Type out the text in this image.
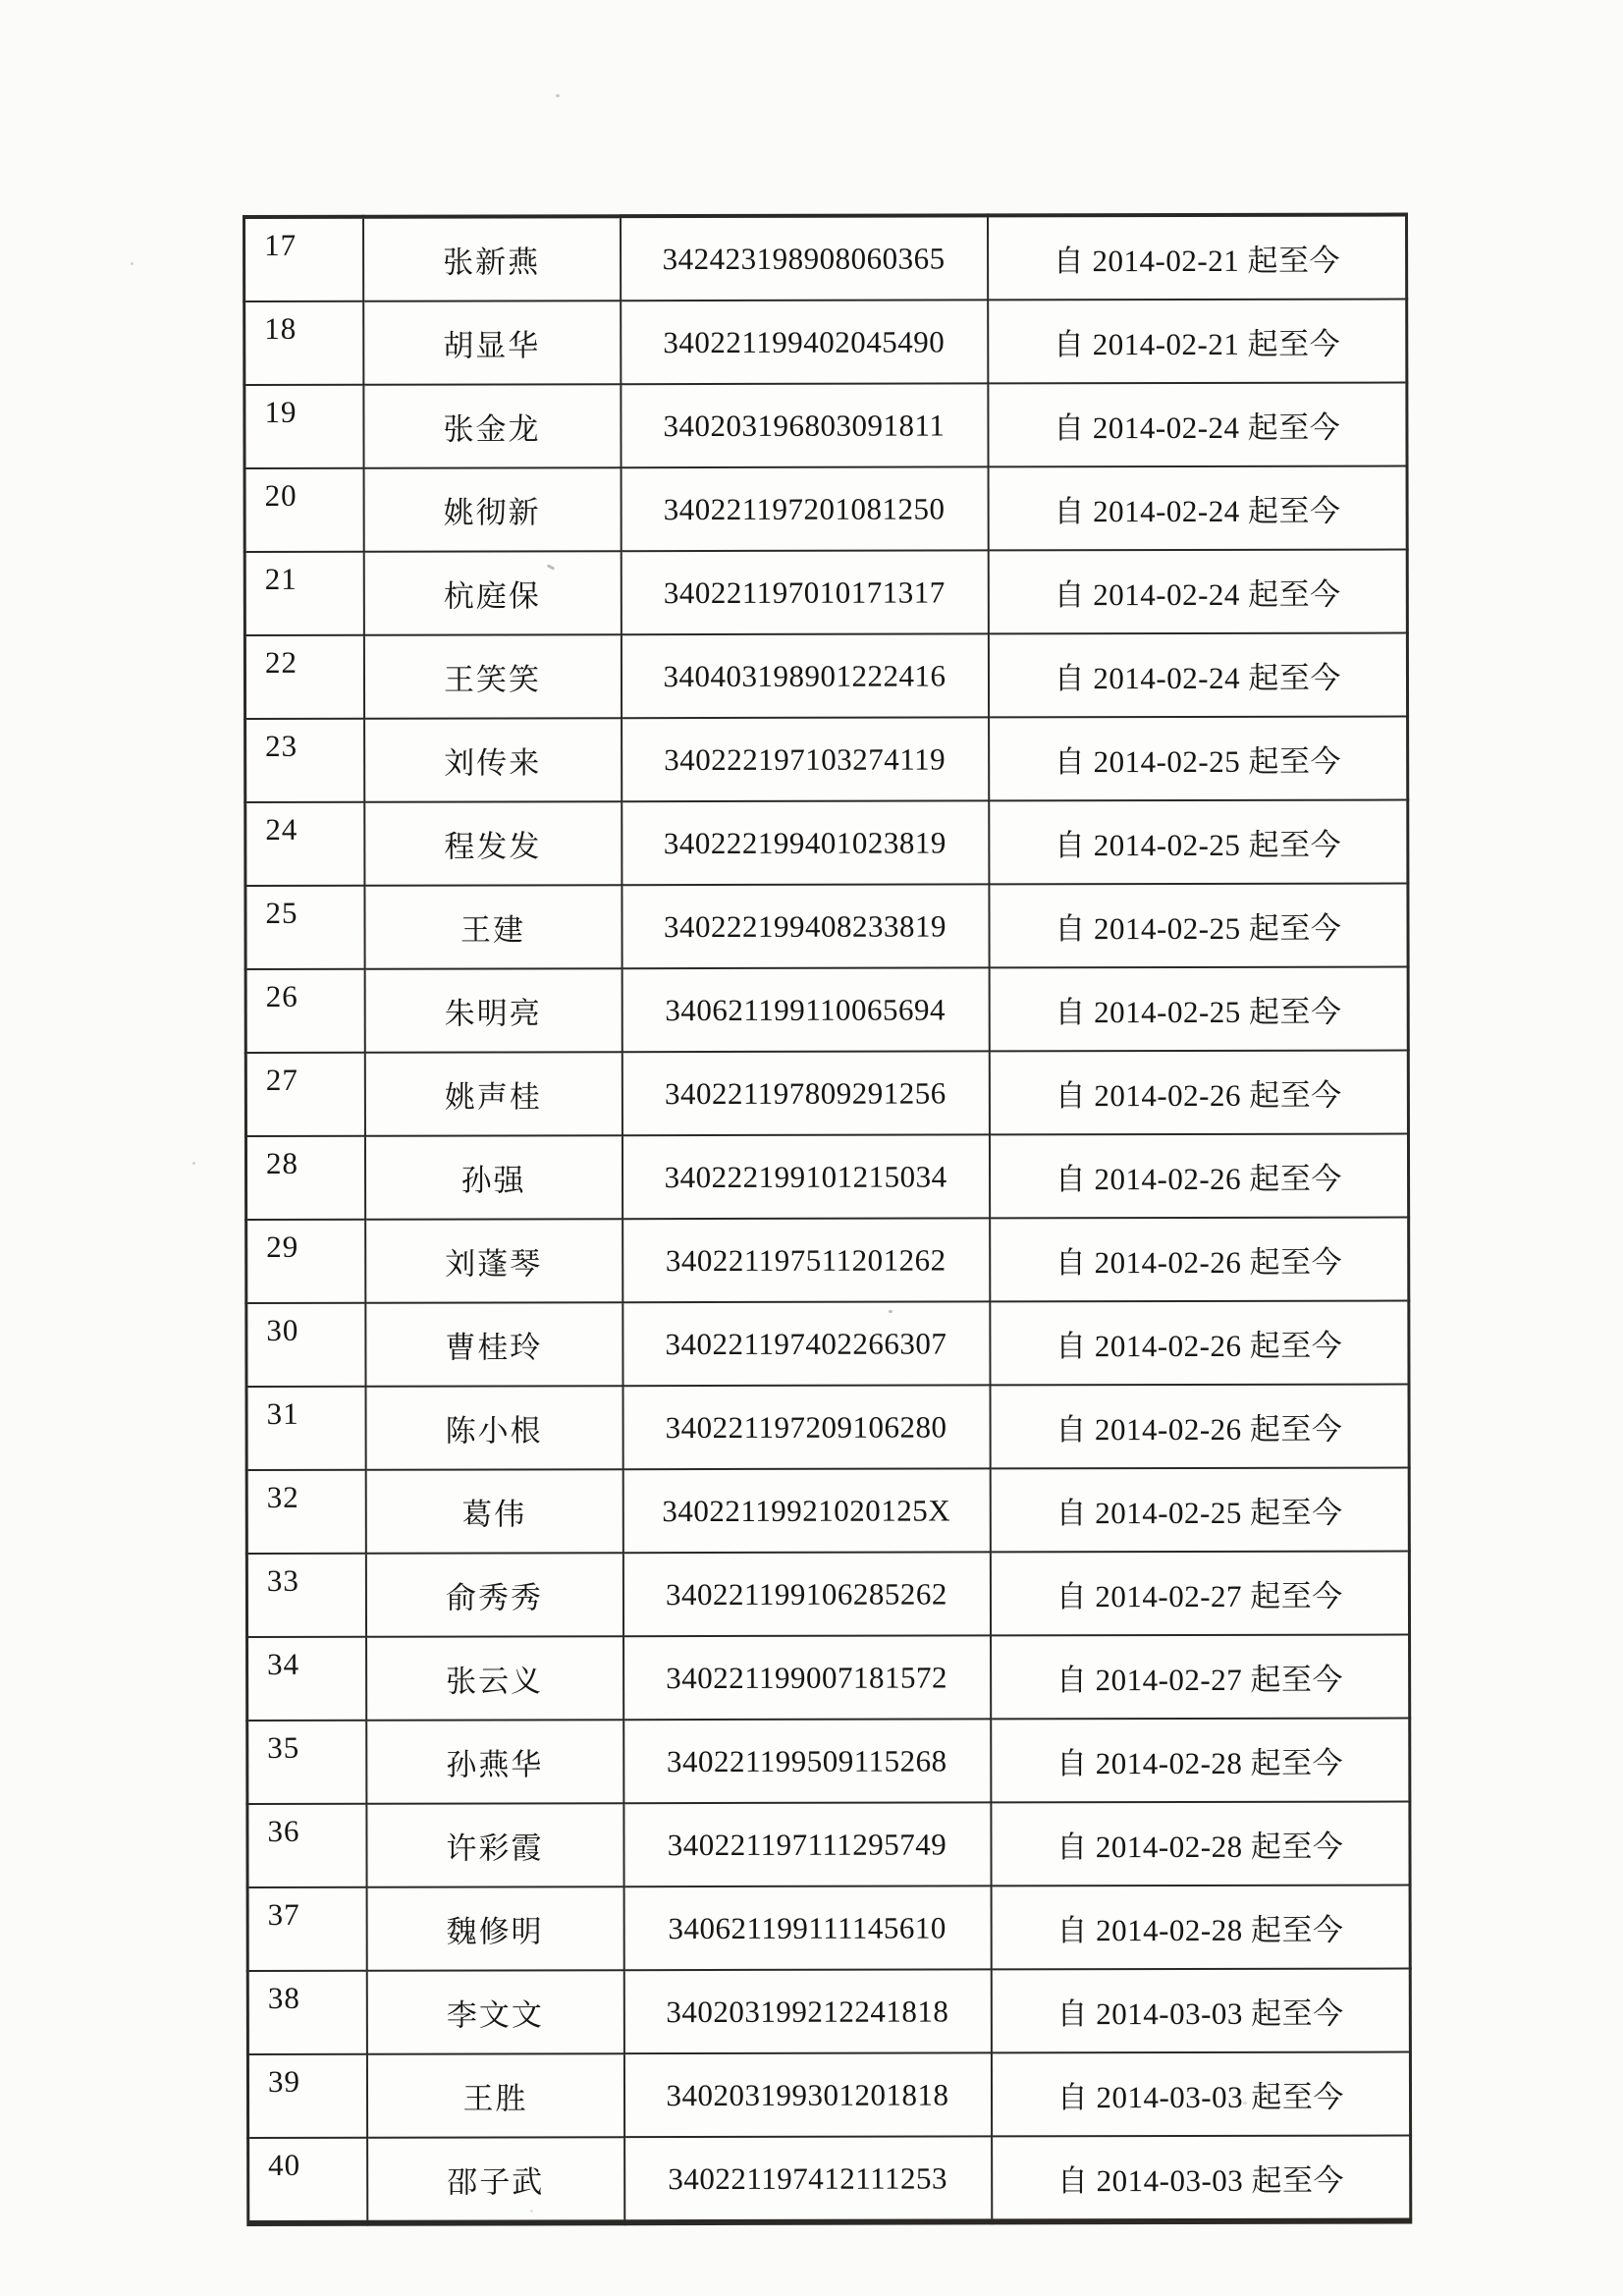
17	张新燕	342423198908060365	自 2014-02-21 起至今
18	胡显华	340221199402045490	自 2014-02-21 起至今
19	张金龙	340203196803091811	自 2014-02-24 起至今
20	姚彻新	340221197201081250	自 2014-02-24 起至今
21	杭庭保	340221197010171317	自 2014-02-24 起至今
22	王笑笑	340403198901222416	自 2014-02-24 起至今
23	刘传来	340222197103274119	自 2014-02-25 起至今
24	程发发	340222199401023819	自 2014-02-25 起至今
25	王建	340222199408233819	自 2014-02-25 起至今
26	朱明亮	340621199110065694	自 2014-02-25 起至今
27	姚声桂	340221197809291256	自 2014-02-26 起至今
28	孙强	340222199101215034	自 2014-02-26 起至今
29	刘蓬琴	340221197511201262	自 2014-02-26 起至今
30	曹桂玲	340221197402266307	自 2014-02-26 起至今
31	陈小根	340221197209106280	自 2014-02-26 起至今
32	葛伟	34022119921020125X	自 2014-02-25 起至今
33	俞秀秀	340221199106285262	自 2014-02-27 起至今
34	张云义	340221199007181572	自 2014-02-27 起至今
35	孙燕华	340221199509115268	自 2014-02-28 起至今
36	许彩霞	340221197111295749	自 2014-02-28 起至今
37	魏修明	340621199111145610	自 2014-02-28 起至今
38	李文文	340203199212241818	自 2014-03-03 起至今
39	王胜	340203199301201818	自 2014-03-03 起至今
40	邵子武	340221197412111253	自 2014-03-03 起至今
